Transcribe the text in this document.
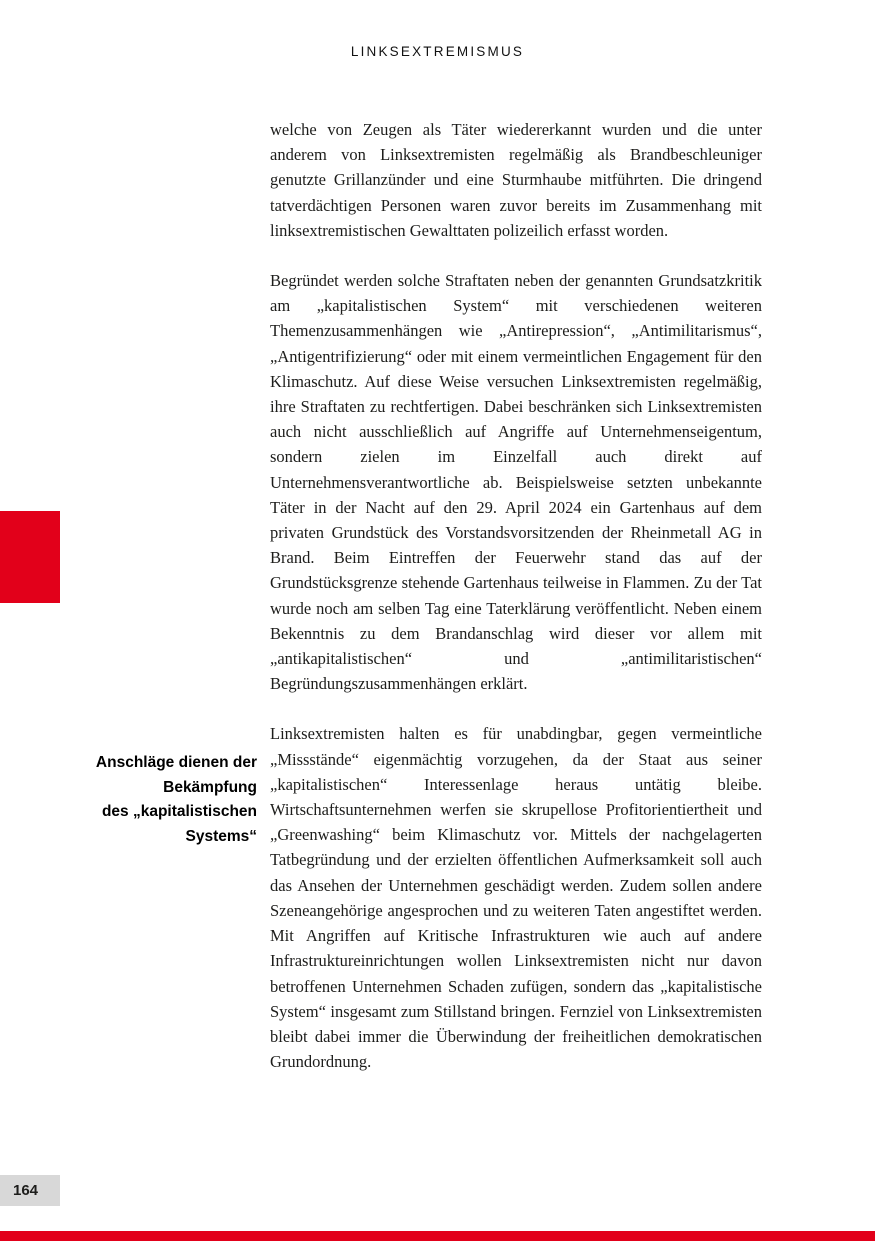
LINKSEXTREMISMUS

welche von Zeugen als Täter wiedererkannt wurden und die unter anderem von Linksextremisten regelmäßig als Brandbeschleuniger genutzte Grillanzünder und eine Sturmhaube mitführten. Die dringend tatverdächtigen Personen waren zuvor bereits im Zusammenhang mit linksextremistischen Gewalttaten polizeilich erfasst worden.

Begründet werden solche Straftaten neben der genannten Grundsatzkritik am „kapitalistischen System“ mit verschiedenen weiteren Themenzusammenhängen wie „Antirepression“, „Antimilitarismus“, „Antigentrifizierung“ oder mit einem vermeintlichen Engagement für den Klimaschutz. Auf diese Weise versuchen Linksextremisten regelmäßig, ihre Straftaten zu rechtfertigen. Dabei beschränken sich Linksextremisten auch nicht ausschließlich auf Angriffe auf Unternehmenseigentum, sondern zielen im Einzelfall auch direkt auf Unternehmensverantwortliche ab. Beispielsweise setzten unbekannte Täter in der Nacht auf den 29. April 2024 ein Gartenhaus auf dem privaten Grundstück des Vorstandsvorsitzenden der Rheinmetall AG in Brand. Beim Eintreffen der Feuerwehr stand das auf der Grundstücksgrenze stehende Gartenhaus teilweise in Flammen. Zu der Tat wurde noch am selben Tag eine Taterklärung veröffentlicht. Neben einem Bekenntnis zu dem Brandanschlag wird dieser vor allem mit „antikapitalistischen“ und „antimilitaristischen“ Begründungszusammenhängen erklärt.

Linksextremisten halten es für unabdingbar, gegen vermeintliche „Missstände“ eigenmächtig vorzugehen, da der Staat aus seiner „kapitalistischen“ Interessenlage heraus untätig bleibe. Wirtschaftsunternehmen werfen sie skrupellose Profitorientiertheit und „Greenwashing“ beim Klimaschutz vor. Mittels der nachgelagerten Tatbegründung und der erzielten öffentlichen Aufmerksamkeit soll auch das Ansehen der Unternehmen geschädigt werden. Zudem sollen andere Szeneangehörige angesprochen und zu weiteren Taten angestiftet werden. Mit Angriffen auf Kritische Infrastrukturen wie auch auf andere Infrastruktureinrichtungen wollen Linksextremisten nicht nur davon betroffenen Unternehmen Schaden zufügen, sondern das „kapitalistische System“ insgesamt zum Stillstand bringen. Fernziel von Linksextremisten bleibt dabei immer die Überwindung der freiheitlichen demokratischen Grundordnung.

Anschläge dienen der
Bekämpfung
des „kapitalistischen
Systems“
164
